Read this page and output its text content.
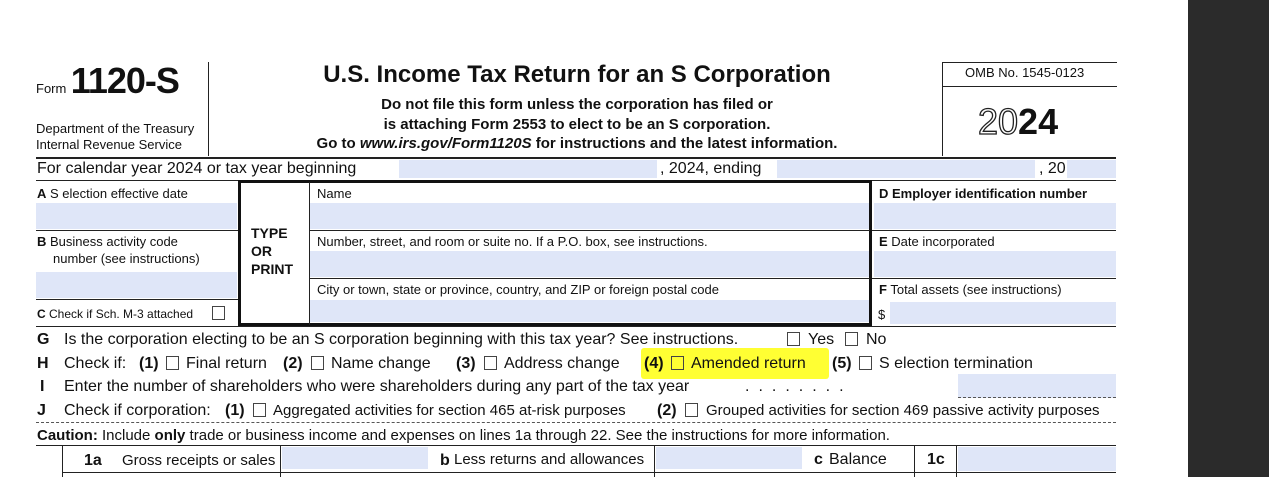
Form 1120-S
Department of the Treasury
Internal Revenue Service
U.S. Income Tax Return for an S Corporation
Do not file this form unless the corporation has filed or
is attaching Form 2553 to elect to be an S corporation.
Go to www.irs.gov/Form1120S for instructions and the latest information.
OMB No. 1545-0123
2024
For calendar year 2024 or tax year beginning	, 2024, ending	, 20
A S election effective date
B Business activity code
number (see instructions)
C Check if Sch. M-3 attached
TYPE
OR
PRINT
Name
Number, street, and room or suite no. If a P.O. box, see instructions.
City or town, state or province, country, and ZIP or foreign postal code
D Employer identification number
E Date incorporated
F Total assets (see instructions)
$
G Is the corporation electing to be an S corporation beginning with this tax year? See instructions.	Yes No
H Check if: (1) Final return (2) Name change (3) Address change (4) Amended return (5) S election termination
I Enter the number of shareholders who were shareholders during any part of the tax year	........
J Check if corporation: (1) Aggregated activities for section 465 at-risk purposes (2) Grouped activities for section 469 passive activity purposes
Caution: Include only trade or business income and expenses on lines 1a through 22. See the instructions for more information.
1a Gross receipts or sales	b Less returns and allowances	c Balance	1c
